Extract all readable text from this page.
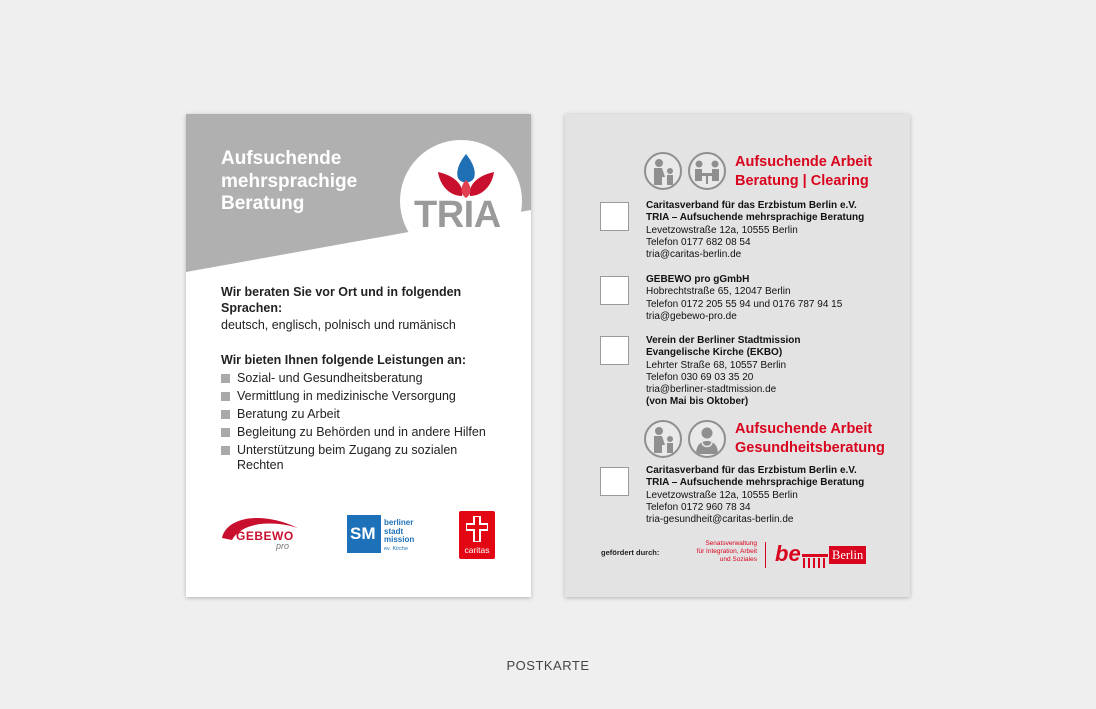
TRIA
Aufsuchende
mehrsprachige
Beratung
Wir beraten Sie vor Ort und in folgenden Sprachen:
deutsch, englisch, polnisch und rumänisch
Wir bieten Ihnen folgende Leistungen an:
Sozial- und Gesundheitsberatung
Vermittlung in medizinische Versorgung
Beratung zu Arbeit
Begleitung zu Behörden und in andere Hilfen
Unterstützung beim Zugang zu sozialen Rechten
GEBEWO
pro
SM
berliner
stadt
mission
ev. Kirche	caritas
Aufsuchende Arbeit
Beratung | Clearing
Caritasverband für das Erzbistum Berlin e.V.
TRIA – Aufsuchende mehrsprachige Beratung
Levetzowstraße 12a, 10555 Berlin
Telefon 0177 682 08 54
tria@caritas-berlin.de
GEBEWO pro gGmbH
Hobrechtstraße 65, 12047 Berlin
Telefon 0172 205 55 94 und 0176 787 94 15
tria@gebewo-pro.de
Verein der Berliner Stadtmission
Evangelische Kirche (EKBO)
Lehrter Straße 68, 10557 Berlin
Telefon 030 69 03 35 20
tria@berliner-stadtmission.de
(von Mai bis Oktober)
Aufsuchende Arbeit
Gesundheitsberatung
Caritasverband für das Erzbistum Berlin e.V.
TRIA – Aufsuchende mehrsprachige Beratung
Levetzowstraße 12a, 10555 Berlin
Telefon 0172 960 78 34
tria-gesundheit@caritas-berlin.de
gefördert durch:
Senatsverwaltung
für Integration, Arbeit
und Soziales be	Berlin
POSTKARTE
